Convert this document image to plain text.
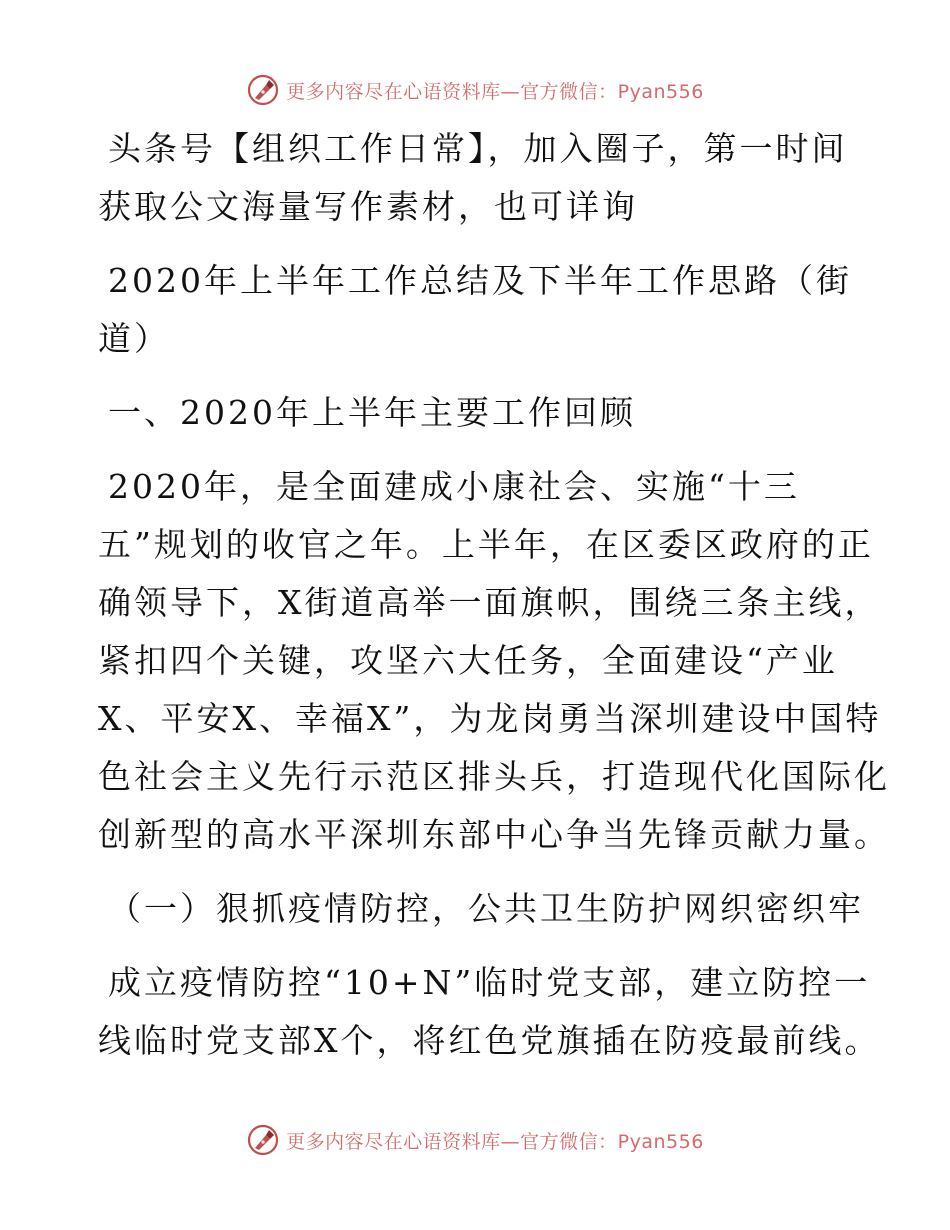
更多内容尽在心语资料库—官方微信：Pyan556

头条号【组织工作日常】，加入圈子，第一时间

获取公文海量写作素材，也可详询

2020年上半年工作总结及下半年工作思路（街

道）

一、2020年上半年主要工作回顾

2020年，是全面建成小康社会、实施“十三

五”规划的收官之年。上半年，在区委区政府的正

确领导下，X街道高举一面旗帜，围绕三条主线，

紧扣四个关键，攻坚六大任务，全面建设“产业

X、平安X、幸福X”，为龙岗勇当深圳建设中国特

色社会主义先行示范区排头兵，打造现代化国际化

创新型的高水平深圳东部中心争当先锋贡献力量。

（一）狠抓疫情防控，公共卫生防护网织密织牢

成立疫情防控“10+N”临时党支部，建立防控一

线临时党支部X个，将红色党旗插在防疫最前线。

更多内容尽在心语资料库—官方微信：Pyan556
